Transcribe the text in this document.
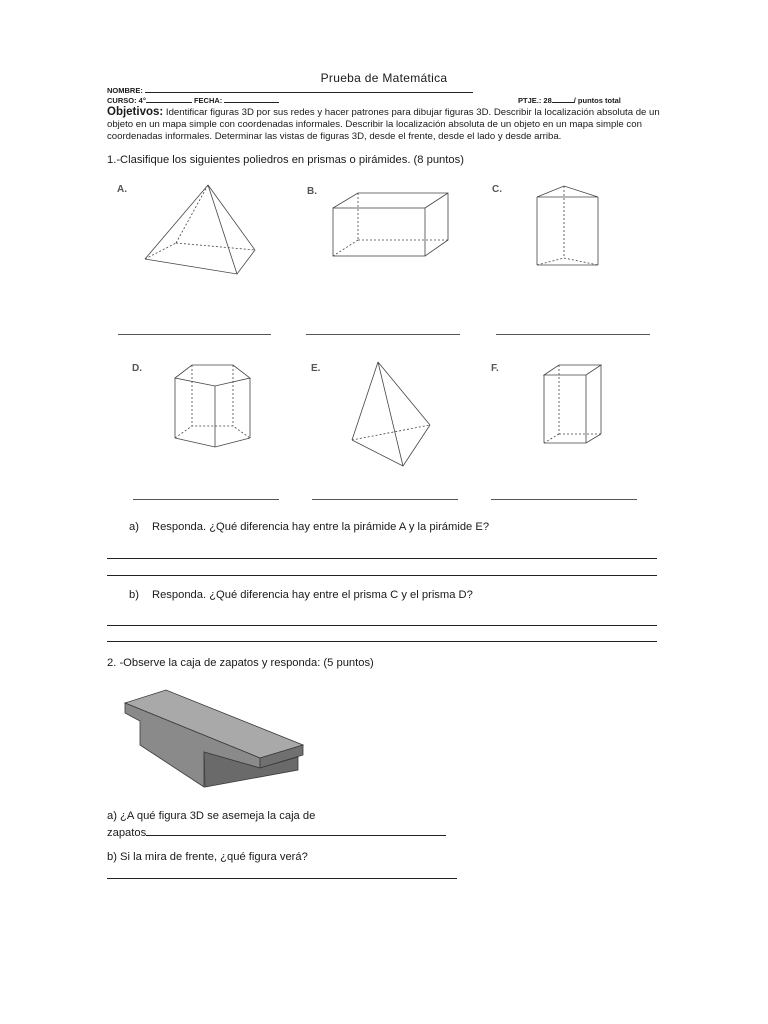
Prueba de Matemática
NOMBRE:
CURSO: 4°	FECHA:	PTJE.: 28	/ puntos total
Objetivos: Identificar figuras 3D por sus redes y hacer patrones para dibujar figuras 3D. Describir la localización absoluta de un objeto en un mapa simple con coordenadas informales. Describir la localización absoluta de un objeto en un mapa simple con coordenadas informales. Determinar las vistas de figuras 3D, desde el frente, desde el lado y desde arriba.
1.-Clasifique los siguientes poliedros en prismas o pirámides. (8 puntos)
A.	B.	C.
D.	E.	F.
a) Responda. ¿Qué diferencia hay entre la pirámide A y la pirámide E?
b) Responda. ¿Qué diferencia hay entre el prisma C y el prisma D?
2. -Observe la caja de zapatos y responda: (5 puntos)
a) ¿A qué figura 3D se asemeja la caja de
zapatos
b) Si la mira de frente, ¿qué figura verá?
